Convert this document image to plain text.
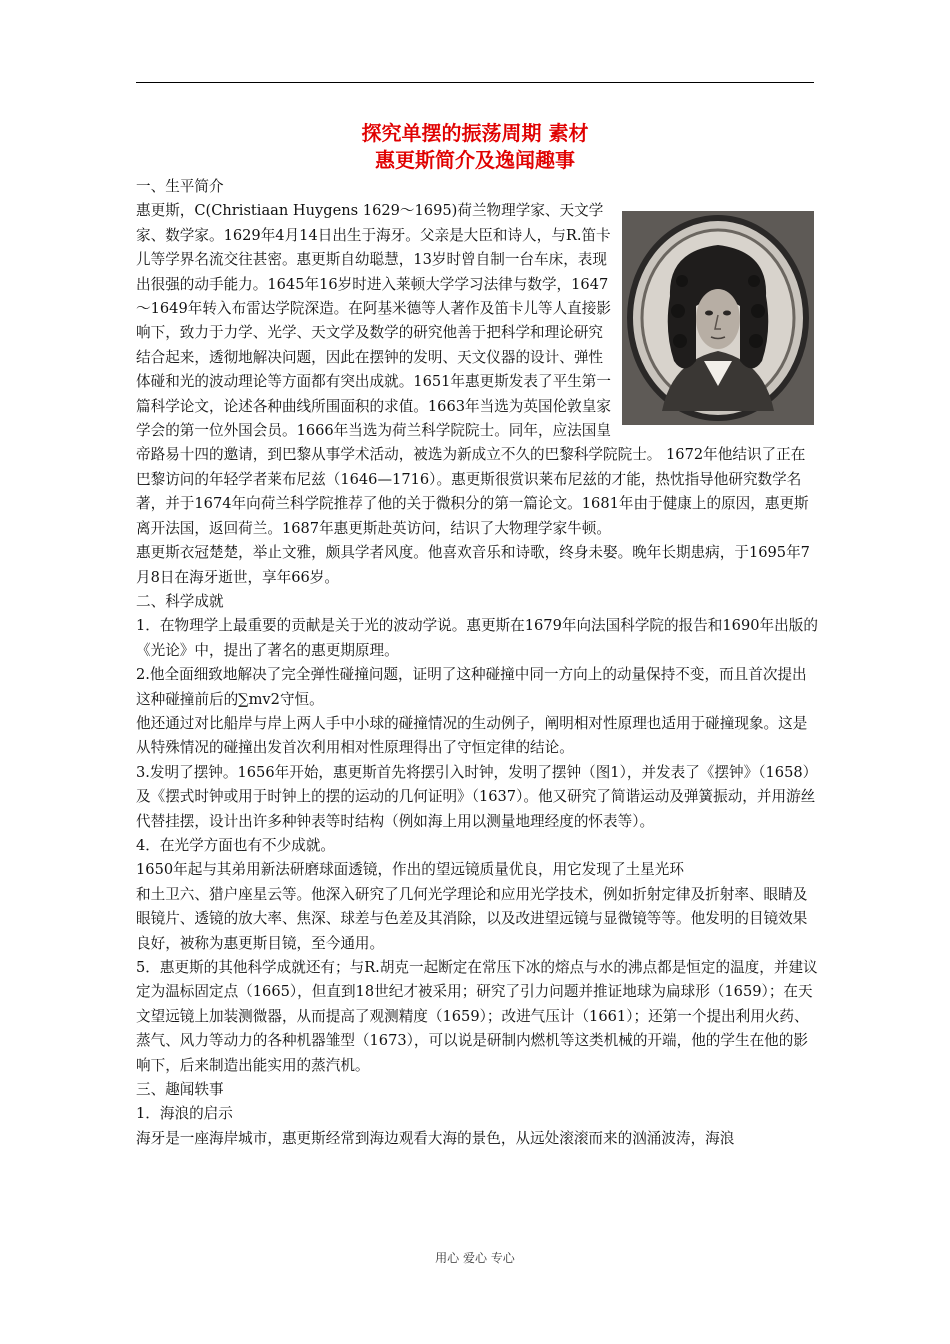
探究单摆的振荡周期 素材
惠更斯简介及逸闻趣事

一、生平简介

惠更斯，C(Christiaan Huygens 1629～1695)荷兰物理学家、天文学家、数学家。1629年4月14日出生于海牙。父亲是大臣和诗人，与R.笛卡儿等学界名流交往甚密。惠更斯自幼聪慧，13岁时曾自制一台车床，表现出很强的动手能力。1645年16岁时进入莱顿大学学习法律与数学，1647～1649年转入布雷达学院深造。在阿基米德等人著作及笛卡儿等人直接影响下，致力于力学、光学、天文学及数学的研究他善于把科学和理论研究结合起来，透彻地解决问题，因此在摆钟的发明、天文仪器的设计、弹性体碰和光的波动理论等方面都有突出成就。1651年惠更斯发表了平生第一篇科学论文，论述各种曲线所围面积的求值。1663年当选为英国伦敦皇家学会的第一位外国会员。1666年当选为荷兰科学院院士。同年，应法国皇帝路易十四的邀请，到巴黎从事学术活动，被选为新成立不久的巴黎科学院院士。 1672年他结识了正在巴黎访问的年轻学者莱布尼兹（1646—1716）。惠更斯很赏识莱布尼兹的才能，热忱指导他研究数学名著，并于1674年向荷兰科学院推荐了他的关于微积分的第一篇论文。1681年由于健康上的原因，惠更斯离开法国，返回荷兰。1687年惠更斯赴英访问，结识了大物理学家牛顿。

惠更斯衣冠楚楚，举止文雅，颇具学者风度。他喜欢音乐和诗歌，终身未娶。晚年长期患病，于1695年7月8日在海牙逝世，享年66岁。

二、科学成就

1．在物理学上最重要的贡献是关于光的波动学说。惠更斯在1679年向法国科学院的报告和1690年出版的《光论》中，提出了著名的惠更期原理。

2.他全面细致地解决了完全弹性碰撞问题，证明了这种碰撞中同一方向上的动量保持不变，而且首次提出这种碰撞前后的∑mv2守恒。

他还通过对比船岸与岸上两人手中小球的碰撞情况的生动例子，阐明相对性原理也适用于碰撞现象。这是从特殊情况的碰撞出发首次利用相对性原理得出了守恒定律的结论。

3.发明了摆钟。1656年开始，惠更斯首先将摆引入时钟，发明了摆钟（图1），并发表了《摆钟》（1658）及《摆式时钟或用于时钟上的摆的运动的几何证明》（1637）。他又研究了简谐运动及弹簧振动，并用游丝代替挂摆，设计出许多种钟表等时结构（例如海上用以测量地理经度的怀表等）。

4．在光学方面也有不少成就。

1650年起与其弟用新法研磨球面透镜，作出的望远镜质量优良，用它发现了土星光环

和土卫六、猎户座星云等。他深入研究了几何光学理论和应用光学技术，例如折射定律及折射率、眼睛及眼镜片、透镜的放大率、焦深、球差与色差及其消除，以及改进望远镜与显微镜等等。他发明的目镜效果良好，被称为惠更斯目镜，至今通用。

5．惠更斯的其他科学成就还有；与R.胡克一起断定在常压下冰的熔点与水的沸点都是恒定的温度，并建议定为温标固定点（1665），但直到18世纪才被采用；研究了引力问题并推证地球为扁球形（1659）；在天文望远镜上加装测微器，从而提高了观测精度（1659）；改进气压计（1661）；还第一个提出利用火药、蒸气、风力等动力的各种机器雏型（1673），可以说是研制内燃机等这类机械的开端，他的学生在他的影响下，后来制造出能实用的蒸汽机。

三、趣闻轶事

1．海浪的启示

海牙是一座海岸城市，惠更斯经常到海边观看大海的景色，从远处滚滚而来的汹涌波涛，海浪

用心 爱心 专心
